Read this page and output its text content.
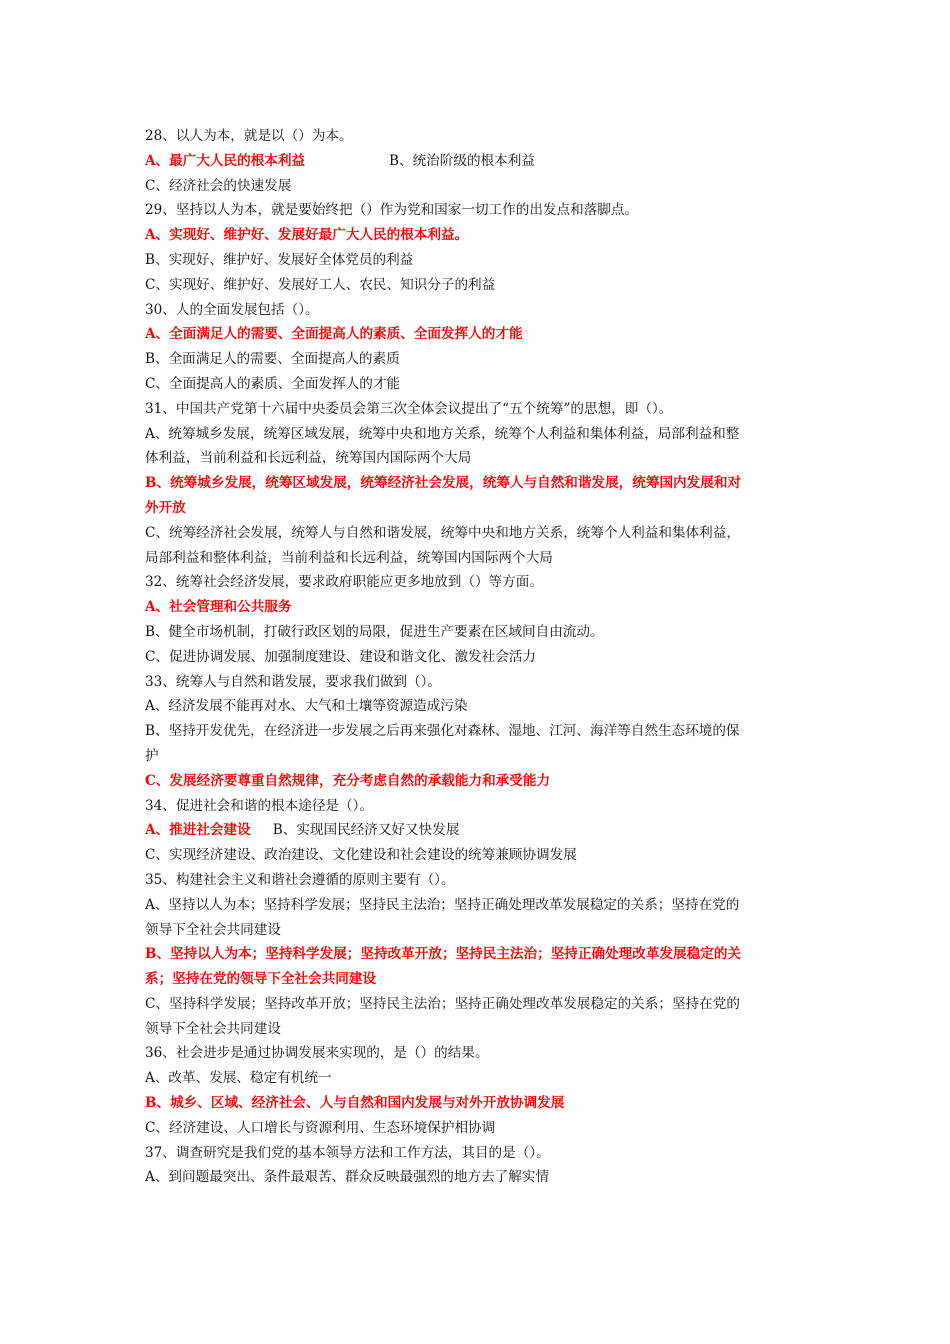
28、以人为本，就是以（）为本。
A、最广大人民的根本利益	B、统治阶级的根本利益
C、经济社会的快速发展
29、坚持以人为本，就是要始终把（）作为党和国家一切工作的出发点和落脚点。
A、实现好、维护好、发展好最广大人民的根本利益。
B、实现好、维护好、发展好全体党员的利益
C、实现好、维护好、发展好工人、农民、知识分子的利益
30、人的全面发展包括（）。
A、全面满足人的需要、全面提高人的素质、全面发挥人的才能
B、全面满足人的需要、全面提高人的素质
C、全面提高人的素质、全面发挥人的才能
31、中国共产党第十六届中央委员会第三次全体会议提出了“五个统筹”的思想，即（）。
A、统筹城乡发展，统筹区域发展，统筹中央和地方关系，统筹个人利益和集体利益，局部利益和整
体利益，当前利益和长远利益，统筹国内国际两个大局
B、统筹城乡发展，统筹区域发展，统筹经济社会发展，统筹人与自然和谐发展，统筹国内发展和对
外开放
C、统筹经济社会发展，统筹人与自然和谐发展，统筹中央和地方关系，统筹个人利益和集体利益，
局部利益和整体利益，当前利益和长远利益，统筹国内国际两个大局
32、统筹社会经济发展，要求政府职能应更多地放到（）等方面。
A、社会管理和公共服务
B、健全市场机制，打破行政区划的局限，促进生产要素在区域间自由流动。
C、促进协调发展、加强制度建设、建设和谐文化、激发社会活力
33、统筹人与自然和谐发展，要求我们做到（）。
A、经济发展不能再对水、大气和土壤等资源造成污染
B、坚持开发优先，在经济进一步发展之后再来强化对森林、湿地、江河、海洋等自然生态环境的保
护
C、发展经济要尊重自然规律，充分考虑自然的承载能力和承受能力
34、促进社会和谐的根本途径是（）。
A、推进社会建设	B、实现国民经济又好又快发展
C、实现经济建设、政治建设、文化建设和社会建设的统筹兼顾协调发展
35、构建社会主义和谐社会遵循的原则主要有（）。
A、坚持以人为本；坚持科学发展；坚持民主法治；坚持正确处理改革发展稳定的关系；坚持在党的
领导下全社会共同建设
B、坚持以人为本；坚持科学发展；坚持改革开放；坚持民主法治；坚持正确处理改革发展稳定的关
系；坚持在党的领导下全社会共同建设
C、坚持科学发展；坚持改革开放；坚持民主法治；坚持正确处理改革发展稳定的关系；坚持在党的
领导下全社会共同建设
36、社会进步是通过协调发展来实现的，是（）的结果。
A、改革、发展、稳定有机统一
B、城乡、区域、经济社会、人与自然和国内发展与对外开放协调发展
C、经济建设、人口增长与资源利用、生态环境保护相协调
37、调查研究是我们党的基本领导方法和工作方法，其目的是（）。
A、到问题最突出、条件最艰苦、群众反映最强烈的地方去了解实情
